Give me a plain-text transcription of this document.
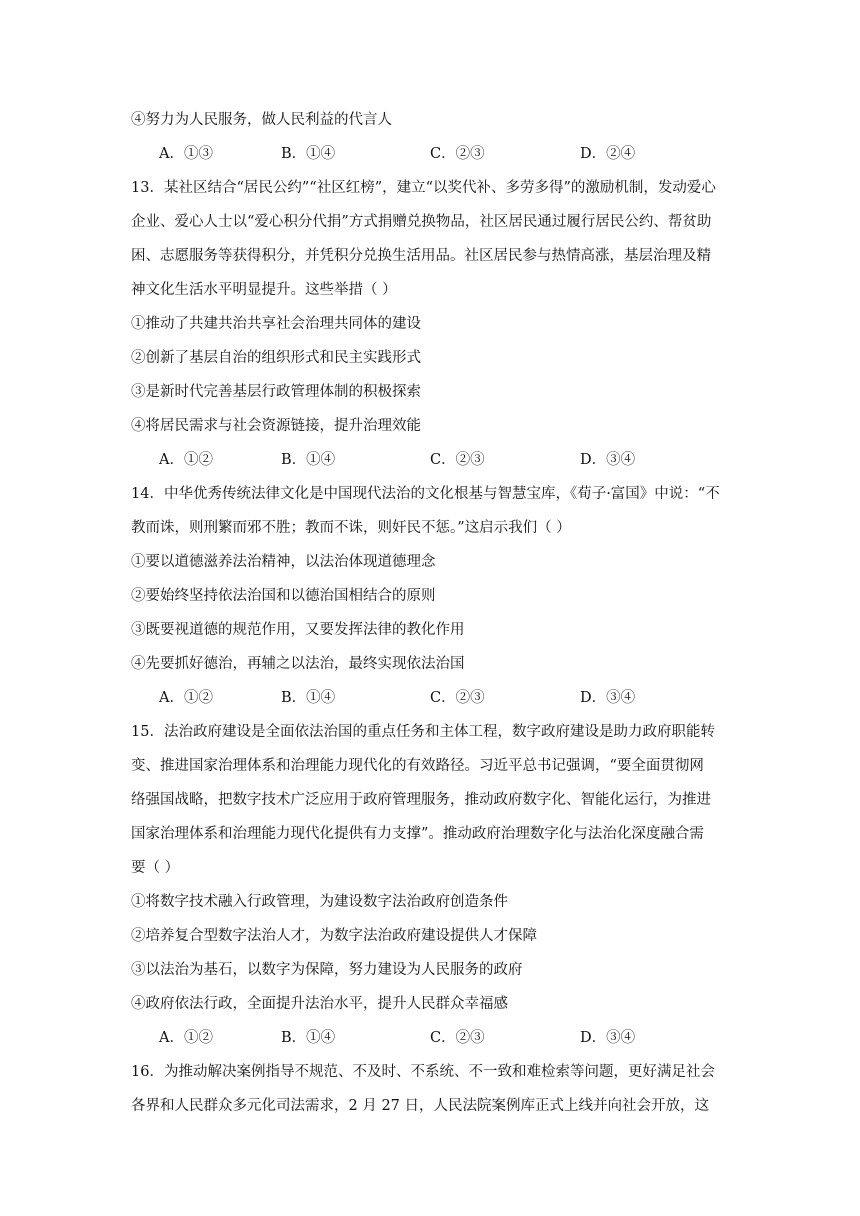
④努力为人民服务，做人民利益的代言人
A．①③	B．①④	C．②③	D．②④
13．某社区结合“居民公约”“社区红榜”，建立“以奖代补、多劳多得”的激励机制，发动爱心
企业、爱心人士以“爱心积分代捐”方式捐赠兑换物品，社区居民通过履行居民公约、帮贫助
困、志愿服务等获得积分，并凭积分兑换生活用品。社区居民参与热情高涨，基层治理及精
神文化生活水平明显提升。这些举措（ ）
①推动了共建共治共享社会治理共同体的建设
②创新了基层自治的组织形式和民主实践形式
③是新时代完善基层行政管理体制的积极探索
④将居民需求与社会资源链接，提升治理效能
A．①②	B．①④	C．②③	D．③④
14．中华优秀传统法律文化是中国现代法治的文化根基与智慧宝库，《荀子·富国》中说：“不
教而诛，则刑繁而邪不胜；教而不诛，则奸民不惩。”这启示我们（ ）
①要以道德滋养法治精神，以法治体现道德理念
②要始终坚持依法治国和以德治国相结合的原则
③既要视道德的规范作用，又要发挥法律的教化作用
④先要抓好德治，再辅之以法治，最终实现依法治国
A．①②	B．①④	C．②③	D．③④
15．法治政府建设是全面依法治国的重点任务和主体工程，数字政府建设是助力政府职能转
变、推进国家治理体系和治理能力现代化的有效路径。习近平总书记强调，“要全面贯彻网
络强国战略，把数字技术广泛应用于政府管理服务，推动政府数字化、智能化运行，为推进
国家治理体系和治理能力现代化提供有力支撑”。推动政府治理数字化与法治化深度融合需
要（ ）
①将数字技术融入行政管理，为建设数字法治政府创造条件
②培养复合型数字法治人才，为数字法治政府建设提供人才保障
③以法治为基石，以数字为保障，努力建设为人民服务的政府
④政府依法行政，全面提升法治水平，提升人民群众幸福感
A．①②	B．①④	C．②③	D．③④
16．为推动解决案例指导不规范、不及时、不系统、不一致和难检索等问题，更好满足社会
各界和人民群众多元化司法需求，2 月 27 日，人民法院案例库正式上线并向社会开放，这
